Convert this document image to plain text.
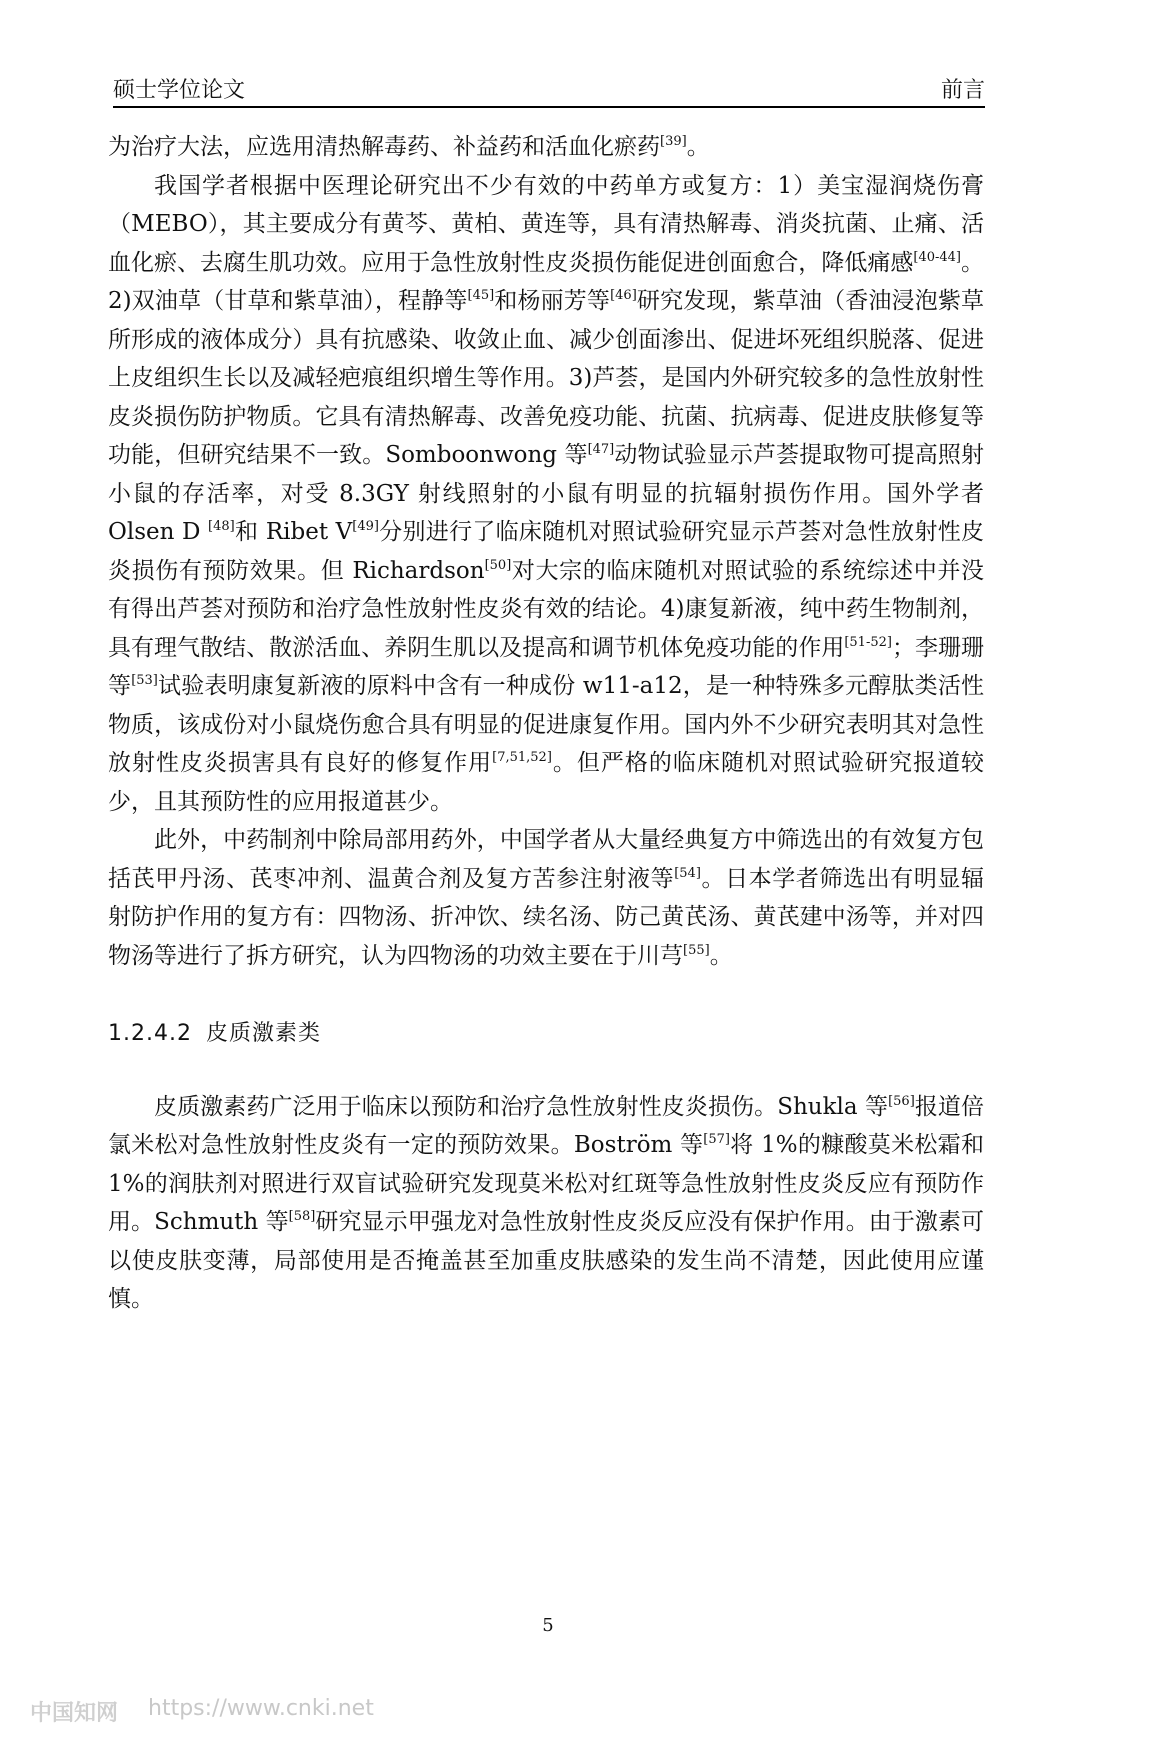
硕士学位论文	前言

为治疗大法，应选用清热解毒药、补益药和活血化瘀药[39]。

我国学者根据中医理论研究出不少有效的中药单方或复方：1）美宝湿润烧伤膏（MEBO），其主要成分有黄芩、黄柏、黄连等，具有清热解毒、消炎抗菌、止痛、活血化瘀、去腐生肌功效。应用于急性放射性皮炎损伤能促进创面愈合，降低痛感[40-44]。2)双油草（甘草和紫草油），程静等[45]和杨丽芳等[46]研究发现，紫草油（香油浸泡紫草所形成的液体成分）具有抗感染、收敛止血、减少创面渗出、促进坏死组织脱落、促进上皮组织生长以及减轻疤痕组织增生等作用。3)芦荟，是国内外研究较多的急性放射性皮炎损伤防护物质。它具有清热解毒、改善免疫功能、抗菌、抗病毒、促进皮肤修复等功能，但研究结果不一致。Somboonwong 等[47]动物试验显示芦荟提取物可提高照射小鼠的存活率，对受 8.3GY 射线照射的小鼠有明显的抗辐射损伤作用。国外学者 Olsen D [48]和 Ribet V[49]分别进行了临床随机对照试验研究显示芦荟对急性放射性皮炎损伤有预防效果。但 Richardson[50]对大宗的临床随机对照试验的系统综述中并没有得出芦荟对预防和治疗急性放射性皮炎有效的结论。4)康复新液，纯中药生物制剂，具有理气散结、散淤活血、养阴生肌以及提高和调节机体免疫功能的作用[51-52]；李珊珊等[53]试验表明康复新液的原料中含有一种成份 w11-a12，是一种特殊多元醇肽类活性物质，该成份对小鼠烧伤愈合具有明显的促进康复作用。国内外不少研究表明其对急性放射性皮炎损害具有良好的修复作用[7,51,52]。但严格的临床随机对照试验研究报道较少，且其预防性的应用报道甚少。

此外，中药制剂中除局部用药外，中国学者从大量经典复方中筛选出的有效复方包括芪甲丹汤、芪枣冲剂、温黄合剂及复方苦参注射液等[54]。日本学者筛选出有明显辐射防护作用的复方有：四物汤、折冲饮、续名汤、防己黄芪汤、黄芪建中汤等，并对四物汤等进行了拆方研究，认为四物汤的功效主要在于川芎[55]。

1.2.4.2 皮质激素类

皮质激素药广泛用于临床以预防和治疗急性放射性皮炎损伤。Shukla 等[56]报道倍氯米松对急性放射性皮炎有一定的预防效果。Boström 等[57]将 1%的糠酸莫米松霜和 1%的润肤剂对照进行双盲试验研究发现莫米松对红斑等急性放射性皮炎反应有预防作用。Schmuth 等[58]研究显示甲强龙对急性放射性皮炎反应没有保护作用。由于激素可以使皮肤变薄，局部使用是否掩盖甚至加重皮肤感染的发生尚不清楚，因此使用应谨慎。

5
中国知网 https://www.cnki.net
